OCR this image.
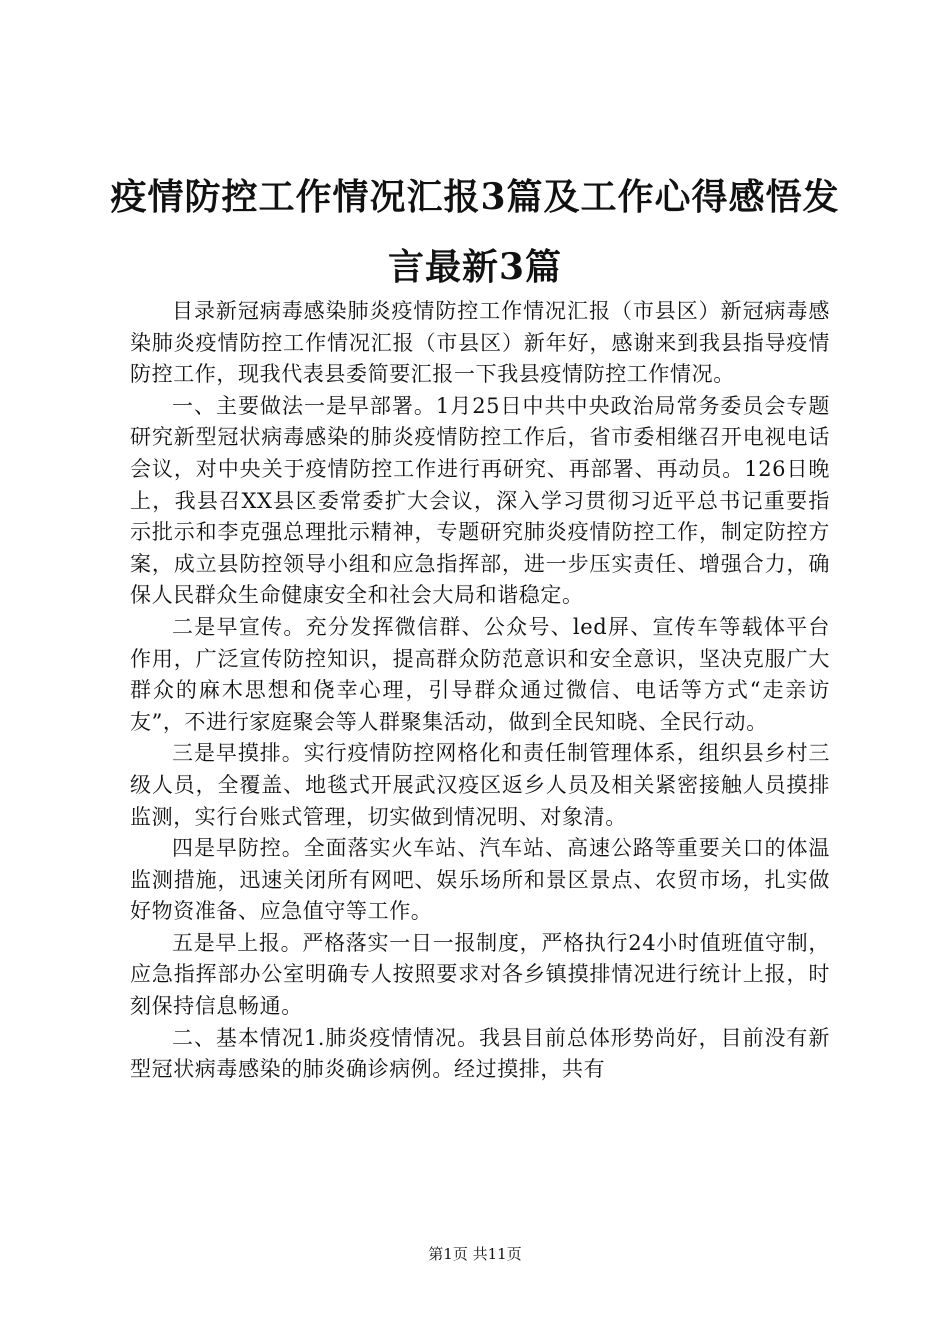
疫情防控工作情况汇报3篇及工作心得感悟发言最新3篇

目录新冠病毒感染肺炎疫情防控工作情况汇报（市县区）新冠病毒感染肺炎疫情防控工作情况汇报（市县区）新年好，感谢来到我县指导疫情防控工作，现我代表县委简要汇报一下我县疫情防控工作情况。

一、主要做法一是早部署。1月25日中共中央政治局常务委员会专题研究新型冠状病毒感染的肺炎疫情防控工作后，省市委相继召开电视电话会议，对中央关于疫情防控工作进行再研究、再部署、再动员。126日晚上，我县召XX县区委常委扩大会议，深入学习贯彻习近平总书记重要指示批示和李克强总理批示精神，专题研究肺炎疫情防控工作，制定防控方案，成立县防控领导小组和应急指挥部，进一步压实责任、增强合力，确保人民群众生命健康安全和社会大局和谐稳定。

二是早宣传。充分发挥微信群、公众号、led屏、宣传车等载体平台作用，广泛宣传防控知识，提高群众防范意识和安全意识，坚决克服广大群众的麻木思想和侥幸心理，引导群众通过微信、电话等方式“走亲访友”，不进行家庭聚会等人群聚集活动，做到全民知晓、全民行动。

三是早摸排。实行疫情防控网格化和责任制管理体系，组织县乡村三级人员，全覆盖、地毯式开展武汉疫区返乡人员及相关紧密接触人员摸排监测，实行台账式管理，切实做到情况明、对象清。

四是早防控。全面落实火车站、汽车站、高速公路等重要关口的体温监测措施，迅速关闭所有网吧、娱乐场所和景区景点、农贸市场，扎实做好物资准备、应急值守等工作。

五是早上报。严格落实一日一报制度，严格执行24小时值班值守制，应急指挥部办公室明确专人按照要求对各乡镇摸排情况进行统计上报，时刻保持信息畅通。

二、基本情况1.肺炎疫情情况。我县目前总体形势尚好，目前没有新型冠状病毒感染的肺炎确诊病例。经过摸排，共有

第1页 共11页
